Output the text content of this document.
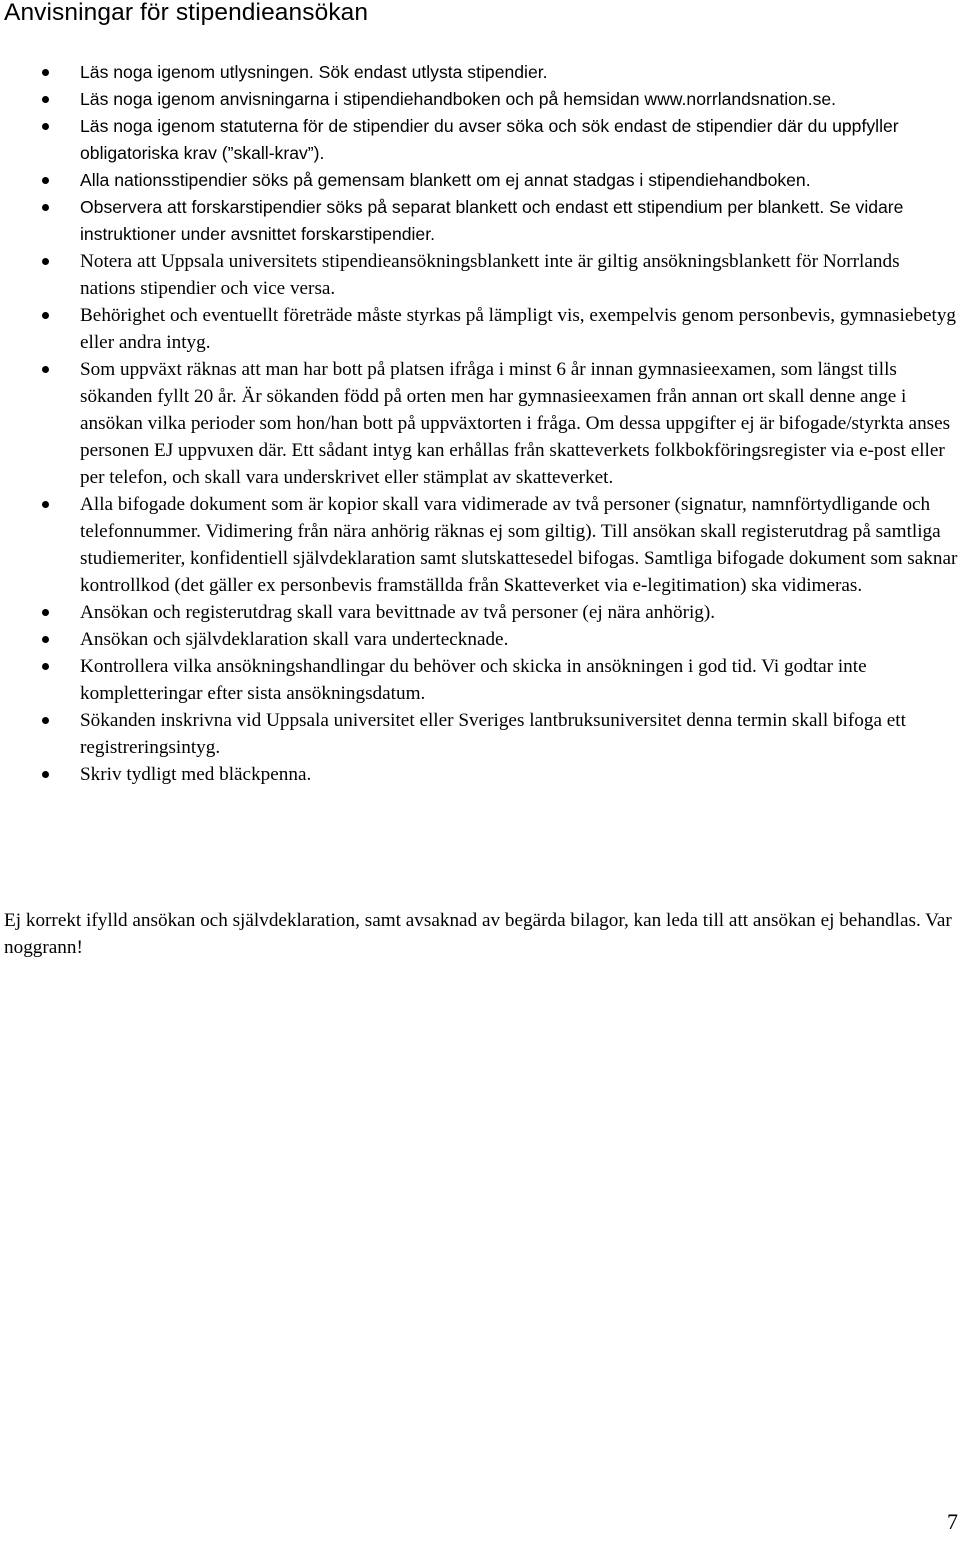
Anvisningar för stipendieansökan
Läs noga igenom utlysningen. Sök endast utlysta stipendier.
Läs noga igenom anvisningarna i stipendiehandboken och på hemsidan www.norrlandsnation.se.
Läs noga igenom statuterna för de stipendier du avser söka och sök endast de stipendier där du uppfyller obligatoriska krav (”skall-krav”).
Alla nationsstipendier söks på gemensam blankett om ej annat stadgas i stipendiehandboken.
Observera att forskarstipendier söks på separat blankett och endast ett stipendium per blankett. Se vidare instruktioner under avsnittet forskarstipendier.
Notera att Uppsala universitets stipendieansökningsblankett inte är giltig ansökningsblankett för Norrlands nations stipendier och vice versa.
Behörighet och eventuellt företräde måste styrkas på lämpligt vis, exempelvis genom personbevis, gymnasiebetyg eller andra intyg.
Som uppväxt räknas att man har bott på platsen ifråga i minst 6 år innan gymnasieexamen, som längst tills sökanden fyllt 20 år. Är sökanden född på orten men har gymnasieexamen från annan ort skall denne ange i ansökan vilka perioder som hon/han bott på uppväxtorten i fråga. Om dessa uppgifter ej är bifogade/styrkta anses personen EJ uppvuxen där. Ett sådant intyg kan erhållas från skatteverkets folkbokföringsregister via e-post eller per telefon, och skall vara underskrivet eller stämplat av skatteverket.
Alla bifogade dokument som är kopior skall vara vidimerade av två personer (signatur, namnförtydligande och telefonnummer. Vidimering från nära anhörig räknas ej som giltig). Till ansökan skall registerutdrag på samtliga studiemeriter, konfidentiell självdeklaration samt slutskattesedel bifogas. Samtliga bifogade dokument som saknar kontrollkod (det gäller ex personbevis framställda från Skatteverket via e-legitimation) ska vidimeras.
Ansökan och registerutdrag skall vara bevittnade av två personer (ej nära anhörig).
Ansökan och självdeklaration skall vara undertecknade.
Kontrollera vilka ansökningshandlingar du behöver och skicka in ansökningen i god tid. Vi godtar inte kompletteringar efter sista ansökningsdatum.
Sökanden inskrivna vid Uppsala universitet eller Sveriges lantbruksuniversitet denna termin skall bifoga ett registreringsintyg.
Skriv tydligt med bläckpenna.

Ej korrekt ifylld ansökan och självdeklaration, samt avsaknad av begärda bilagor, kan leda till att ansökan ej behandlas. Var noggrann!

7
